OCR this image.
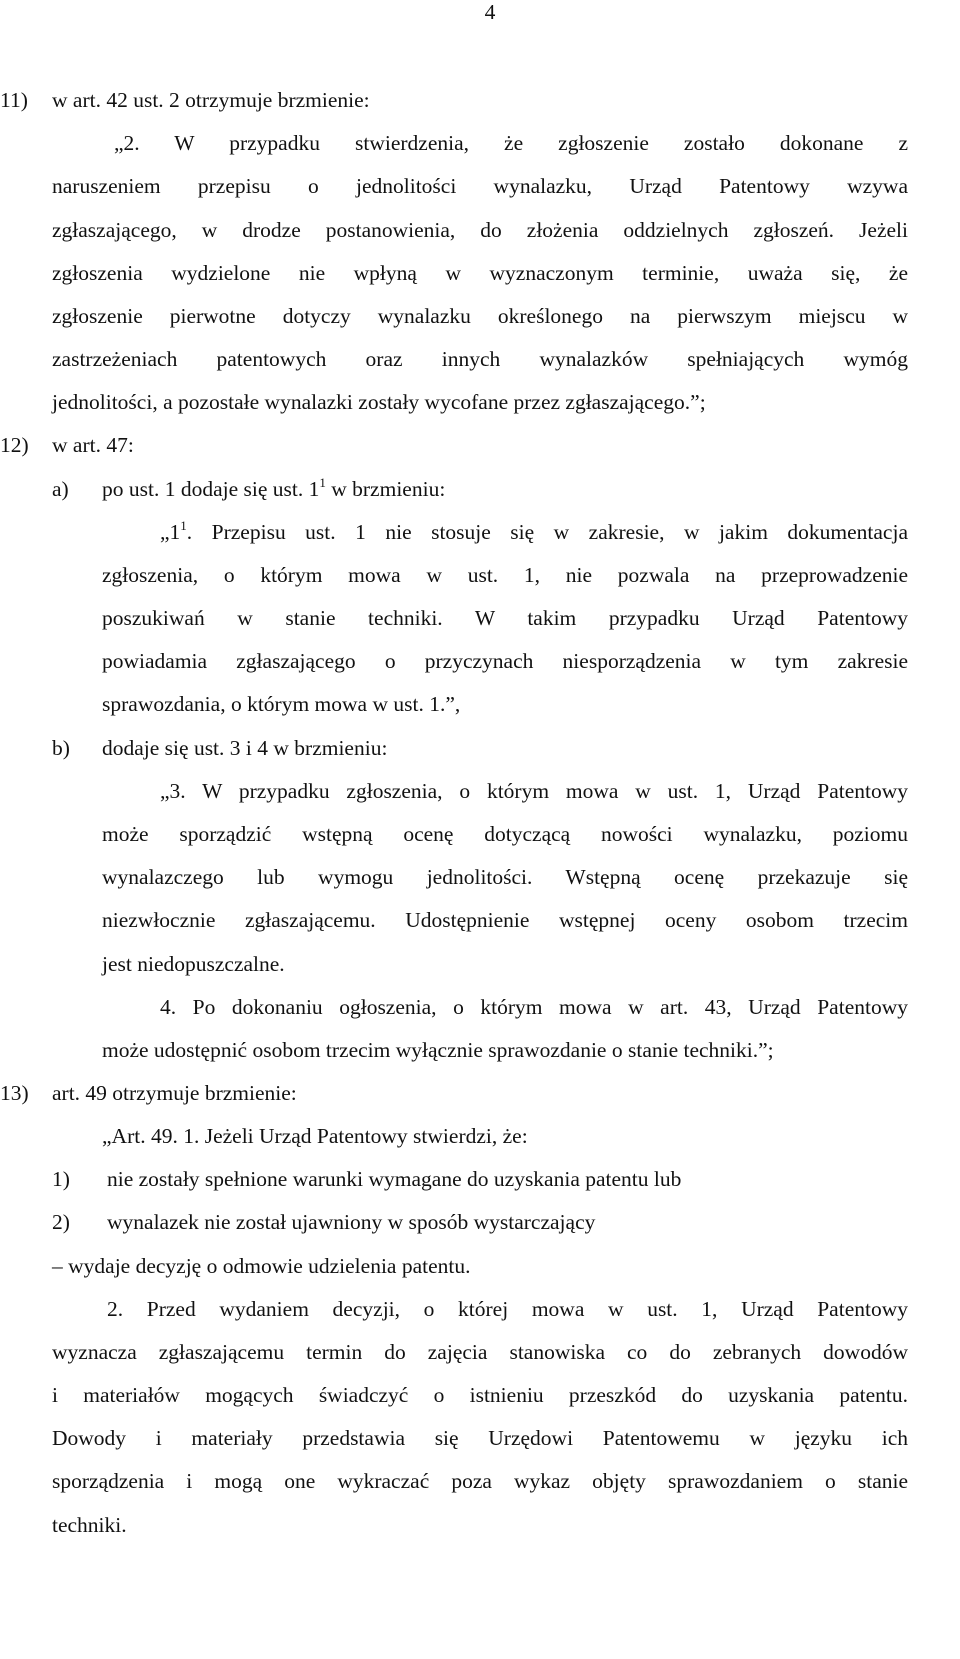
4
11) w art. 42 ust. 2 otrzymuje brzmienie:
„2. W przypadku stwierdzenia, że zgłoszenie zostało dokonane z
naruszeniem przepisu o jednolitości wynalazku, Urząd Patentowy wzywa
zgłaszającego, w drodze postanowienia, do złożenia oddzielnych zgłoszeń. Jeżeli
zgłoszenia wydzielone nie wpłyną w wyznaczonym terminie, uważa się, że
zgłoszenie pierwotne dotyczy wynalazku określonego na pierwszym miejscu w
zastrzeżeniach patentowych oraz innych wynalazków spełniających wymóg
jednolitości, a pozostałe wynalazki zostały wycofane przez zgłaszającego.”;
12) w art. 47:
a) po ust. 1 dodaje się ust. $1^1$ w brzmieniu:
$„1^1$. Przepisu ust. 1 nie stosuje się w zakresie, w jakim dokumentacja
zgłoszenia, o którym mowa w ust. 1, nie pozwala na przeprowadzenie
poszukiwań w stanie techniki. W takim przypadku Urząd Patentowy
powiadamia zgłaszającego o przyczynach niesporządzenia w tym zakresie
sprawozdania, o którym mowa w ust. 1.”,
b) dodaje się ust. 3 i 4 w brzmieniu:
„3. W przypadku zgłoszenia, o którym mowa w ust. 1, Urząd Patentowy
może sporządzić wstępną ocenę dotyczącą nowości wynalazku, poziomu
wynalazczego lub wymogu jednolitości. Wstępną ocenę przekazuje się
niezwłocznie zgłaszającemu. Udostępnienie wstępnej oceny osobom trzecim
jest niedopuszczalne.
4. Po dokonaniu ogłoszenia, o którym mowa w art. 43, Urząd Patentowy
może udostępnić osobom trzecim wyłącznie sprawozdanie o stanie techniki.”;
13) art. 49 otrzymuje brzmienie:
„Art. 49. 1. Jeżeli Urząd Patentowy stwierdzi, że:
1) nie zostały spełnione warunki wymagane do uzyskania patentu lub
2) wynalazek nie został ujawniony w sposób wystarczający
– wydaje decyzję o odmowie udzielenia patentu.
2. Przed wydaniem decyzji, o której mowa w ust. 1, Urząd Patentowy
wyznacza zgłaszającemu termin do zajęcia stanowiska co do zebranych dowodów
i materiałów mogących świadczyć o istnieniu przeszkód do uzyskania patentu.
Dowody i materiały przedstawia się Urzędowi Patentowemu w języku ich
sporządzenia i mogą one wykraczać poza wykaz objęty sprawozdaniem o stanie
techniki.
